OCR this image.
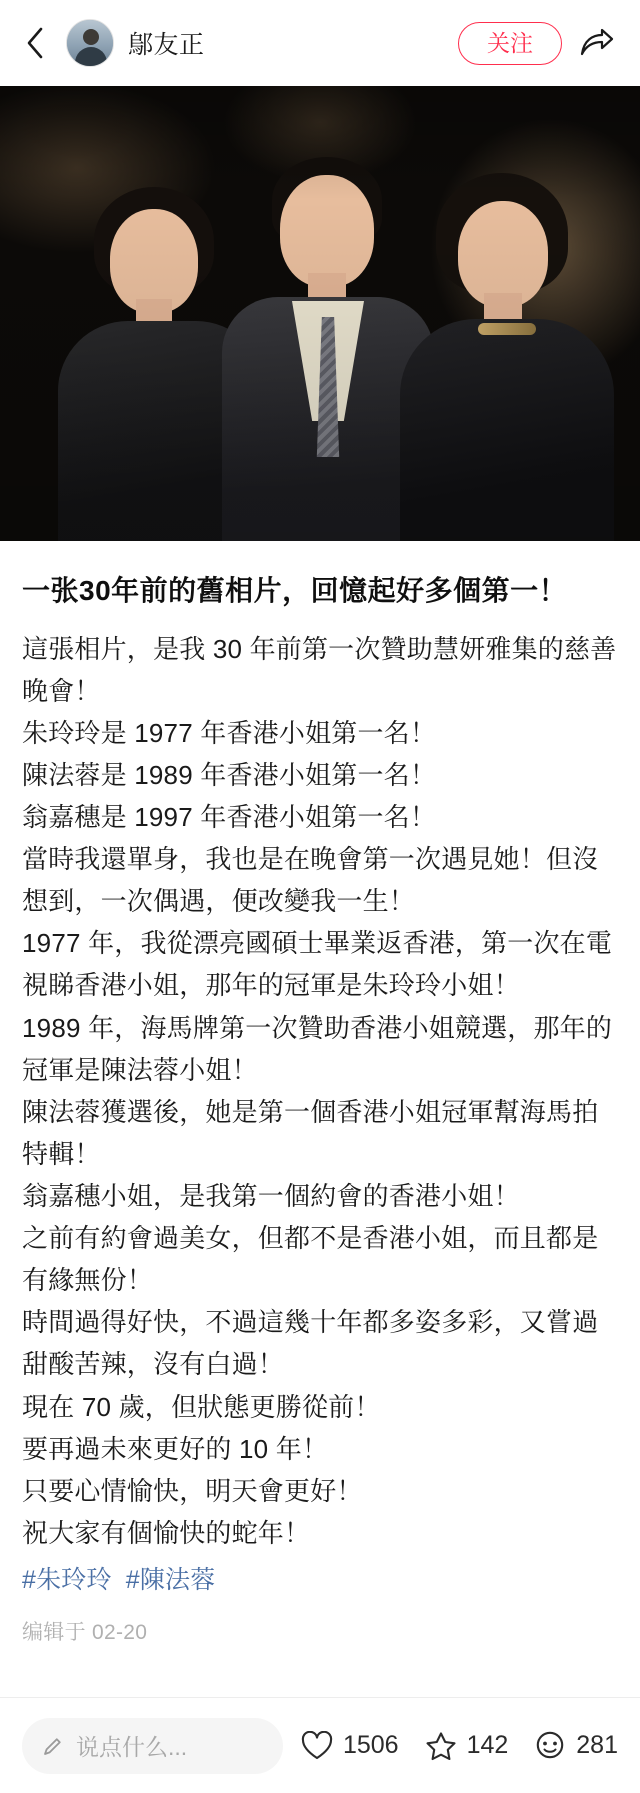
鄔友正	关注
一张30年前的舊相片，回憶起好多個第一！

這張相片，是我 30 年前第一次贊助慧妍雅集的慈善晚會！

朱玲玲是 1977 年香港小姐第一名！

陳法蓉是 1989 年香港小姐第一名！

翁嘉穗是 1997 年香港小姐第一名！

當時我還單身，我也是在晚會第一次遇見她！但沒想到，一次偶遇，便改變我一生！

1977 年，我從漂亮國碩士畢業返香港，第一次在電視睇香港小姐，那年的冠軍是朱玲玲小姐！

1989 年，海馬牌第一次贊助香港小姐競選，那年的冠軍是陳法蓉小姐！

陳法蓉獲選後，她是第一個香港小姐冠軍幫海馬拍特輯！

翁嘉穗小姐，是我第一個約會的香港小姐！

之前有約會過美女，但都不是香港小姐，而且都是有緣無份！

時間過得好快，不過這幾十年都多姿多彩，又嘗過甜酸苦辣，沒有白過！

現在 70 歲，但狀態更勝從前！

要再過未來更好的 10 年！

只要心情愉快，明天會更好！

祝大家有個愉快的蛇年！

#朱玲玲 #陳法蓉
编辑于 02-20
说点什么...	1506	142	281
